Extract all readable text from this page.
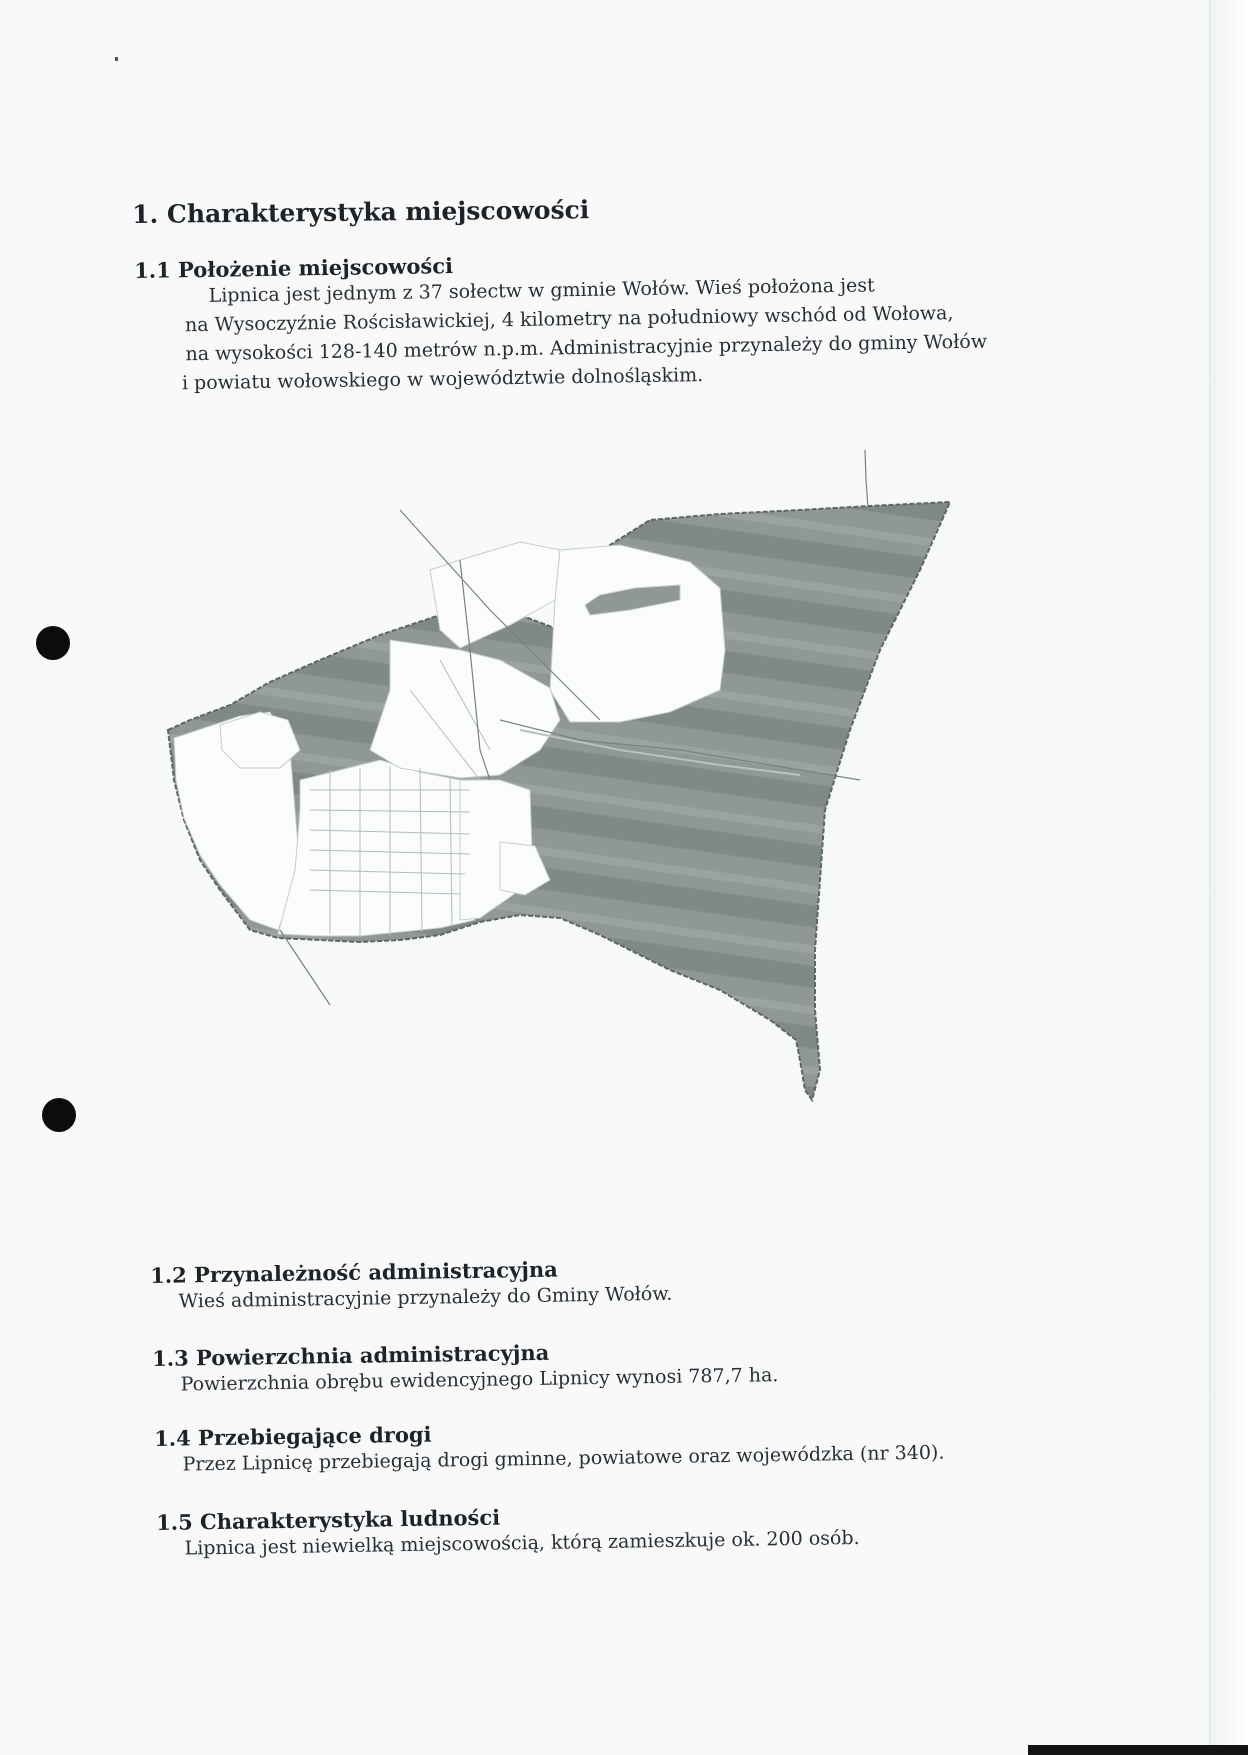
1. Charakterystyka miejscowości
1.1 Położenie miejscowości

Lipnica jest jednym z 37 sołectw w gminie Wołów. Wieś położona jest
na Wysoczyźnie Rościsławickiej, 4 kilometry na południowy wschód od Wołowa,
na wysokości 128-140 metrów n.p.m. Administracyjnie przynależy do gminy Wołów
i powiatu wołowskiego w województwie dolnośląskim.

1.2 Przynależność administracyjna

Wieś administracyjnie przynależy do Gminy Wołów.

1.3 Powierzchnia administracyjna

Powierzchnia obrębu ewidencyjnego Lipnicy wynosi 787,7 ha.

1.4 Przebiegające drogi

Przez Lipnicę przebiegają drogi gminne, powiatowe oraz wojewódzka (nr 340).

1.5 Charakterystyka ludności

Lipnica jest niewielką miejscowością, którą zamieszkuje ok. 200 osób.
